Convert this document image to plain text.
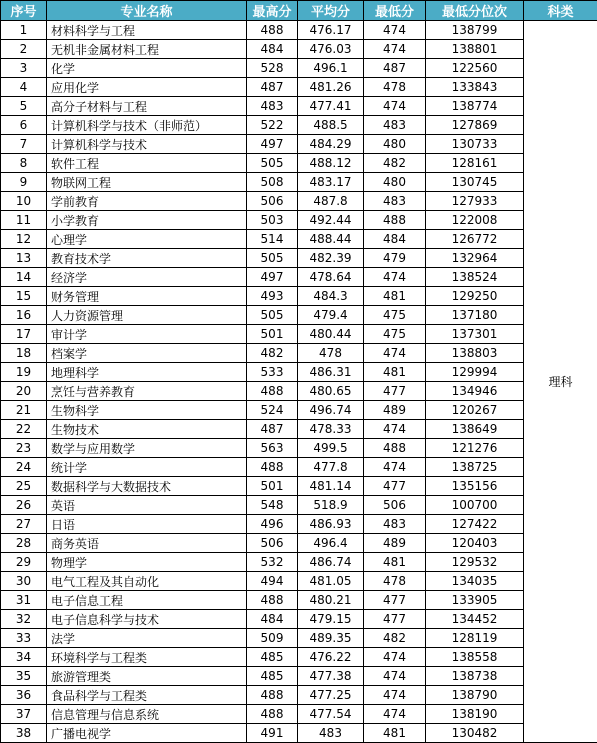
序号	专业名称	最高分	平均分	最低分	最低分位次	科类
1	材料科学与工程	488	476.17	474	138799	理科
2	无机非金属材料工程	484	476.03	474	138801	
3	化学	528	496.1	487	122560	
4	应用化学	487	481.26	478	133843	
5	高分子材料与工程	483	477.41	474	138774	
6	计算机科学与技术（非师范）	522	488.5	483	127869	
7	计算机科学与技术	497	484.29	480	130733	
8	软件工程	505	488.12	482	128161	
9	物联网工程	508	483.17	480	130745	
10	学前教育	506	487.8	483	127933	
11	小学教育	503	492.44	488	122008	
12	心理学	514	488.44	484	126772	
13	教育技术学	505	482.39	479	132964	
14	经济学	497	478.64	474	138524	
15	财务管理	493	484.3	481	129250	
16	人力资源管理	505	479.4	475	137180	
17	审计学	501	480.44	475	137301	
18	档案学	482	478	474	138803	
19	地理科学	533	486.31	481	129994	
20	烹饪与营养教育	488	480.65	477	134946	
21	生物科学	524	496.74	489	120267	
22	生物技术	487	478.33	474	138649	
23	数学与应用数学	563	499.5	488	121276	
24	统计学	488	477.8	474	138725	
25	数据科学与大数据技术	501	481.14	477	135156	
26	英语	548	518.9	506	100700	
27	日语	496	486.93	483	127422	
28	商务英语	506	496.4	489	120403	
29	物理学	532	486.74	481	129532	
30	电气工程及其自动化	494	481.05	478	134035	
31	电子信息工程	488	480.21	477	133905	
32	电子信息科学与技术	484	479.15	477	134452	
33	法学	509	489.35	482	128119	
34	环境科学与工程类	485	476.22	474	138558	
35	旅游管理类	485	477.38	474	138738	
36	食品科学与工程类	488	477.25	474	138790	
37	信息管理与信息系统	488	477.54	474	138190	
38	广播电视学	491	483	481	130482	
